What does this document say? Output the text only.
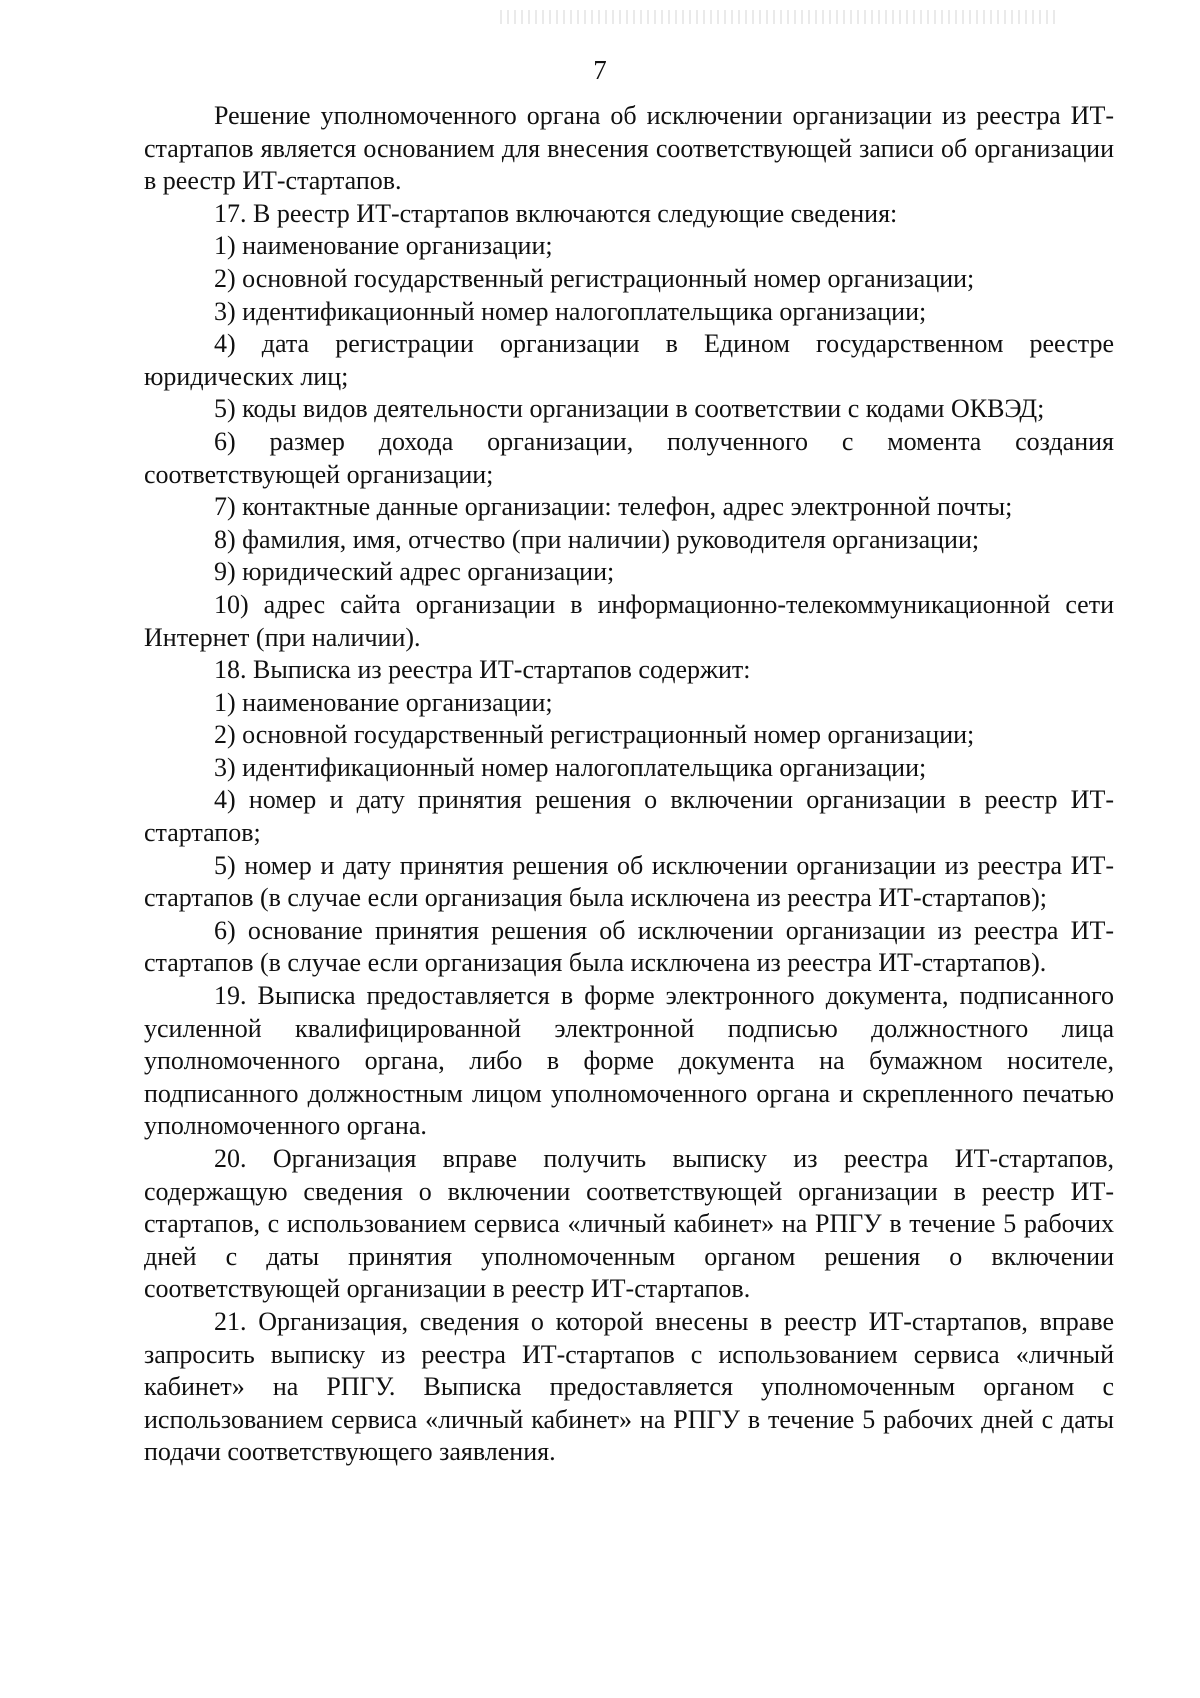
7

Решение уполномоченного органа об исключении организации из реестра ИТ-стартапов является основанием для внесения соответствующей записи об организации в реестр ИТ-стартапов.

17. В реестр ИТ-стартапов включаются следующие сведения:

1) наименование организации;

2) основной государственный регистрационный номер организации;

3) идентификационный номер налогоплательщика организации;

4) дата регистрации организации в Едином государственном реестре юридических лиц;

5) коды видов деятельности организации в соответствии с кодами ОКВЭД;

6) размер дохода организации, полученного с момента создания соответствующей организации;

7) контактные данные организации: телефон, адрес электронной почты;

8) фамилия, имя, отчество (при наличии) руководителя организации;

9) юридический адрес организации;

10) адрес сайта организации в информационно-телекоммуникационной сети Интернет (при наличии).

18. Выписка из реестра ИТ-стартапов содержит:

1) наименование организации;

2) основной государственный регистрационный номер организации;

3) идентификационный номер налогоплательщика организации;

4) номер и дату принятия решения о включении организации в реестр ИТ-стартапов;

5) номер и дату принятия решения об исключении организации из реестра ИТ-стартапов (в случае если организация была исключена из реестра ИТ-стартапов);

6) основание принятия решения об исключении организации из реестра ИТ-стартапов (в случае если организация была исключена из реестра ИТ-стартапов).

19. Выписка предоставляется в форме электронного документа, подписанного усиленной квалифицированной электронной подписью должностного лица уполномоченного органа, либо в форме документа на бумажном носителе, подписанного должностным лицом уполномоченного органа и скрепленного печатью уполномоченного органа.

20. Организация вправе получить выписку из реестра ИТ-стартапов, содержащую сведения о включении соответствующей организации в реестр ИТ-стартапов, с использованием сервиса «личный кабинет» на РПГУ в течение 5 рабочих дней с даты принятия уполномоченным органом решения о включении соответствующей организации в реестр ИТ-стартапов.

21. Организация, сведения о которой внесены в реестр ИТ-стартапов, вправе запросить выписку из реестра ИТ-стартапов с использованием сервиса «личный кабинет» на РПГУ. Выписка предоставляется уполномоченным органом с использованием сервиса «личный кабинет» на РПГУ в течение 5 рабочих дней с даты подачи соответствующего заявления.
